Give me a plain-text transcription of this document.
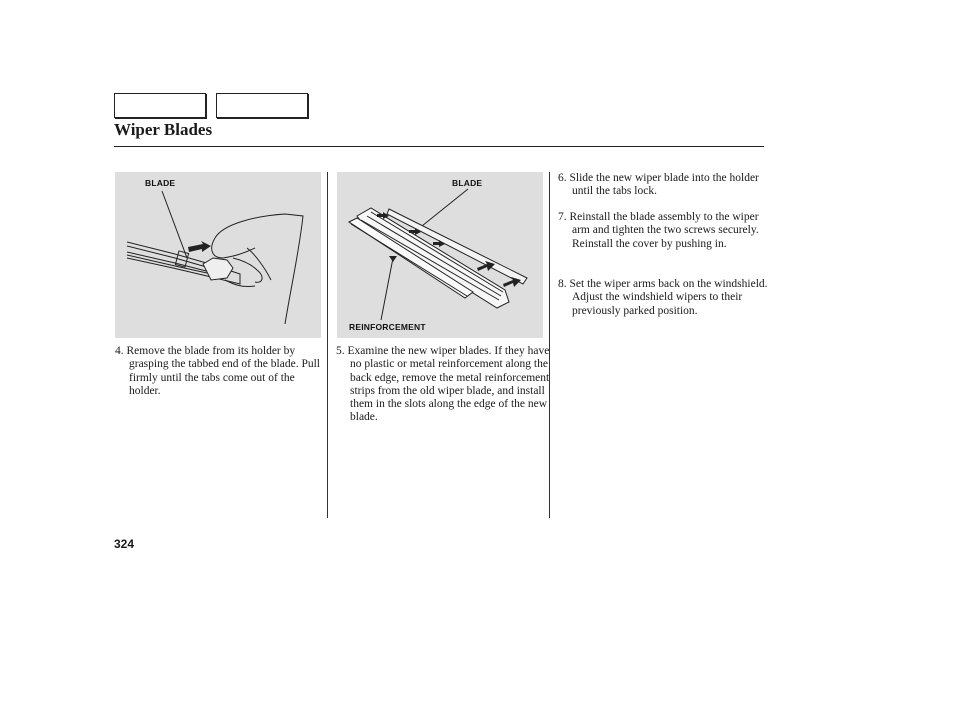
Wiper Blades
BLADE	BLADE
REINFORCEMENT
4. Remove the blade from its holder by grasping the tabbed end of the blade. Pull firmly until the tabs come out of the holder.
5. Examine the new wiper blades. If they have no plastic or metal reinforcement along the back edge, remove the metal reinforcement strips from the old wiper blade, and install them in the slots along the edge of the new blade.
6. Slide the new wiper blade into the holder until the tabs lock.
7. Reinstall the blade assembly to the wiper arm and tighten the two screws securely. Reinstall the cover by pushing in.
8. Set the wiper arms back on the windshield. Adjust the windshield wipers to their previously parked position.
324
